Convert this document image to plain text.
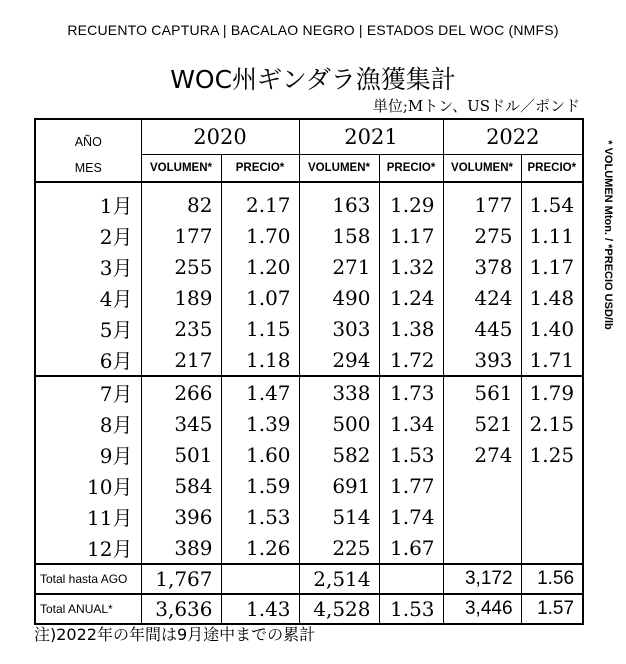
RECUENTO CAPTURA | BACALAO NEGRO | ESTADOS DEL WOC (NMFS)
WOC州ギンダラ漁獲集計
単位;Mトン、USドル／ポンド
AÑO	2020		2021		2022	
MES	VOLUMEN*	PRECIO*	VOLUMEN*	PRECIO*	VOLUMEN*	PRECIO*
1月	82	2.17	163	1.29	177	1.54
2月	177	1.70	158	1.17	275	1.11
3月	255	1.20	271	1.32	378	1.17
4月	189	1.07	490	1.24	424	1.48
5月	235	1.15	303	1.38	445	1.40
6月	217	1.18	294	1.72	393	1.71
7月	266	1.47	338	1.73	561	1.79
8月	345	1.39	500	1.34	521	2.15
9月	501	1.60	582	1.53	274	1.25
10月	584	1.59	691	1.77		
11月	396	1.53	514	1.74		
12月	389	1.26	225	1.67		
Total hasta AGO	1,767		2,514		3,172	1.56
Total ANUAL*	3,636	1.43	4,528	1.53	3,446	1.57
* VOLUMEN Mton. / *PRECIO USD/lb
注)2022年の年間は9月途中までの累計
